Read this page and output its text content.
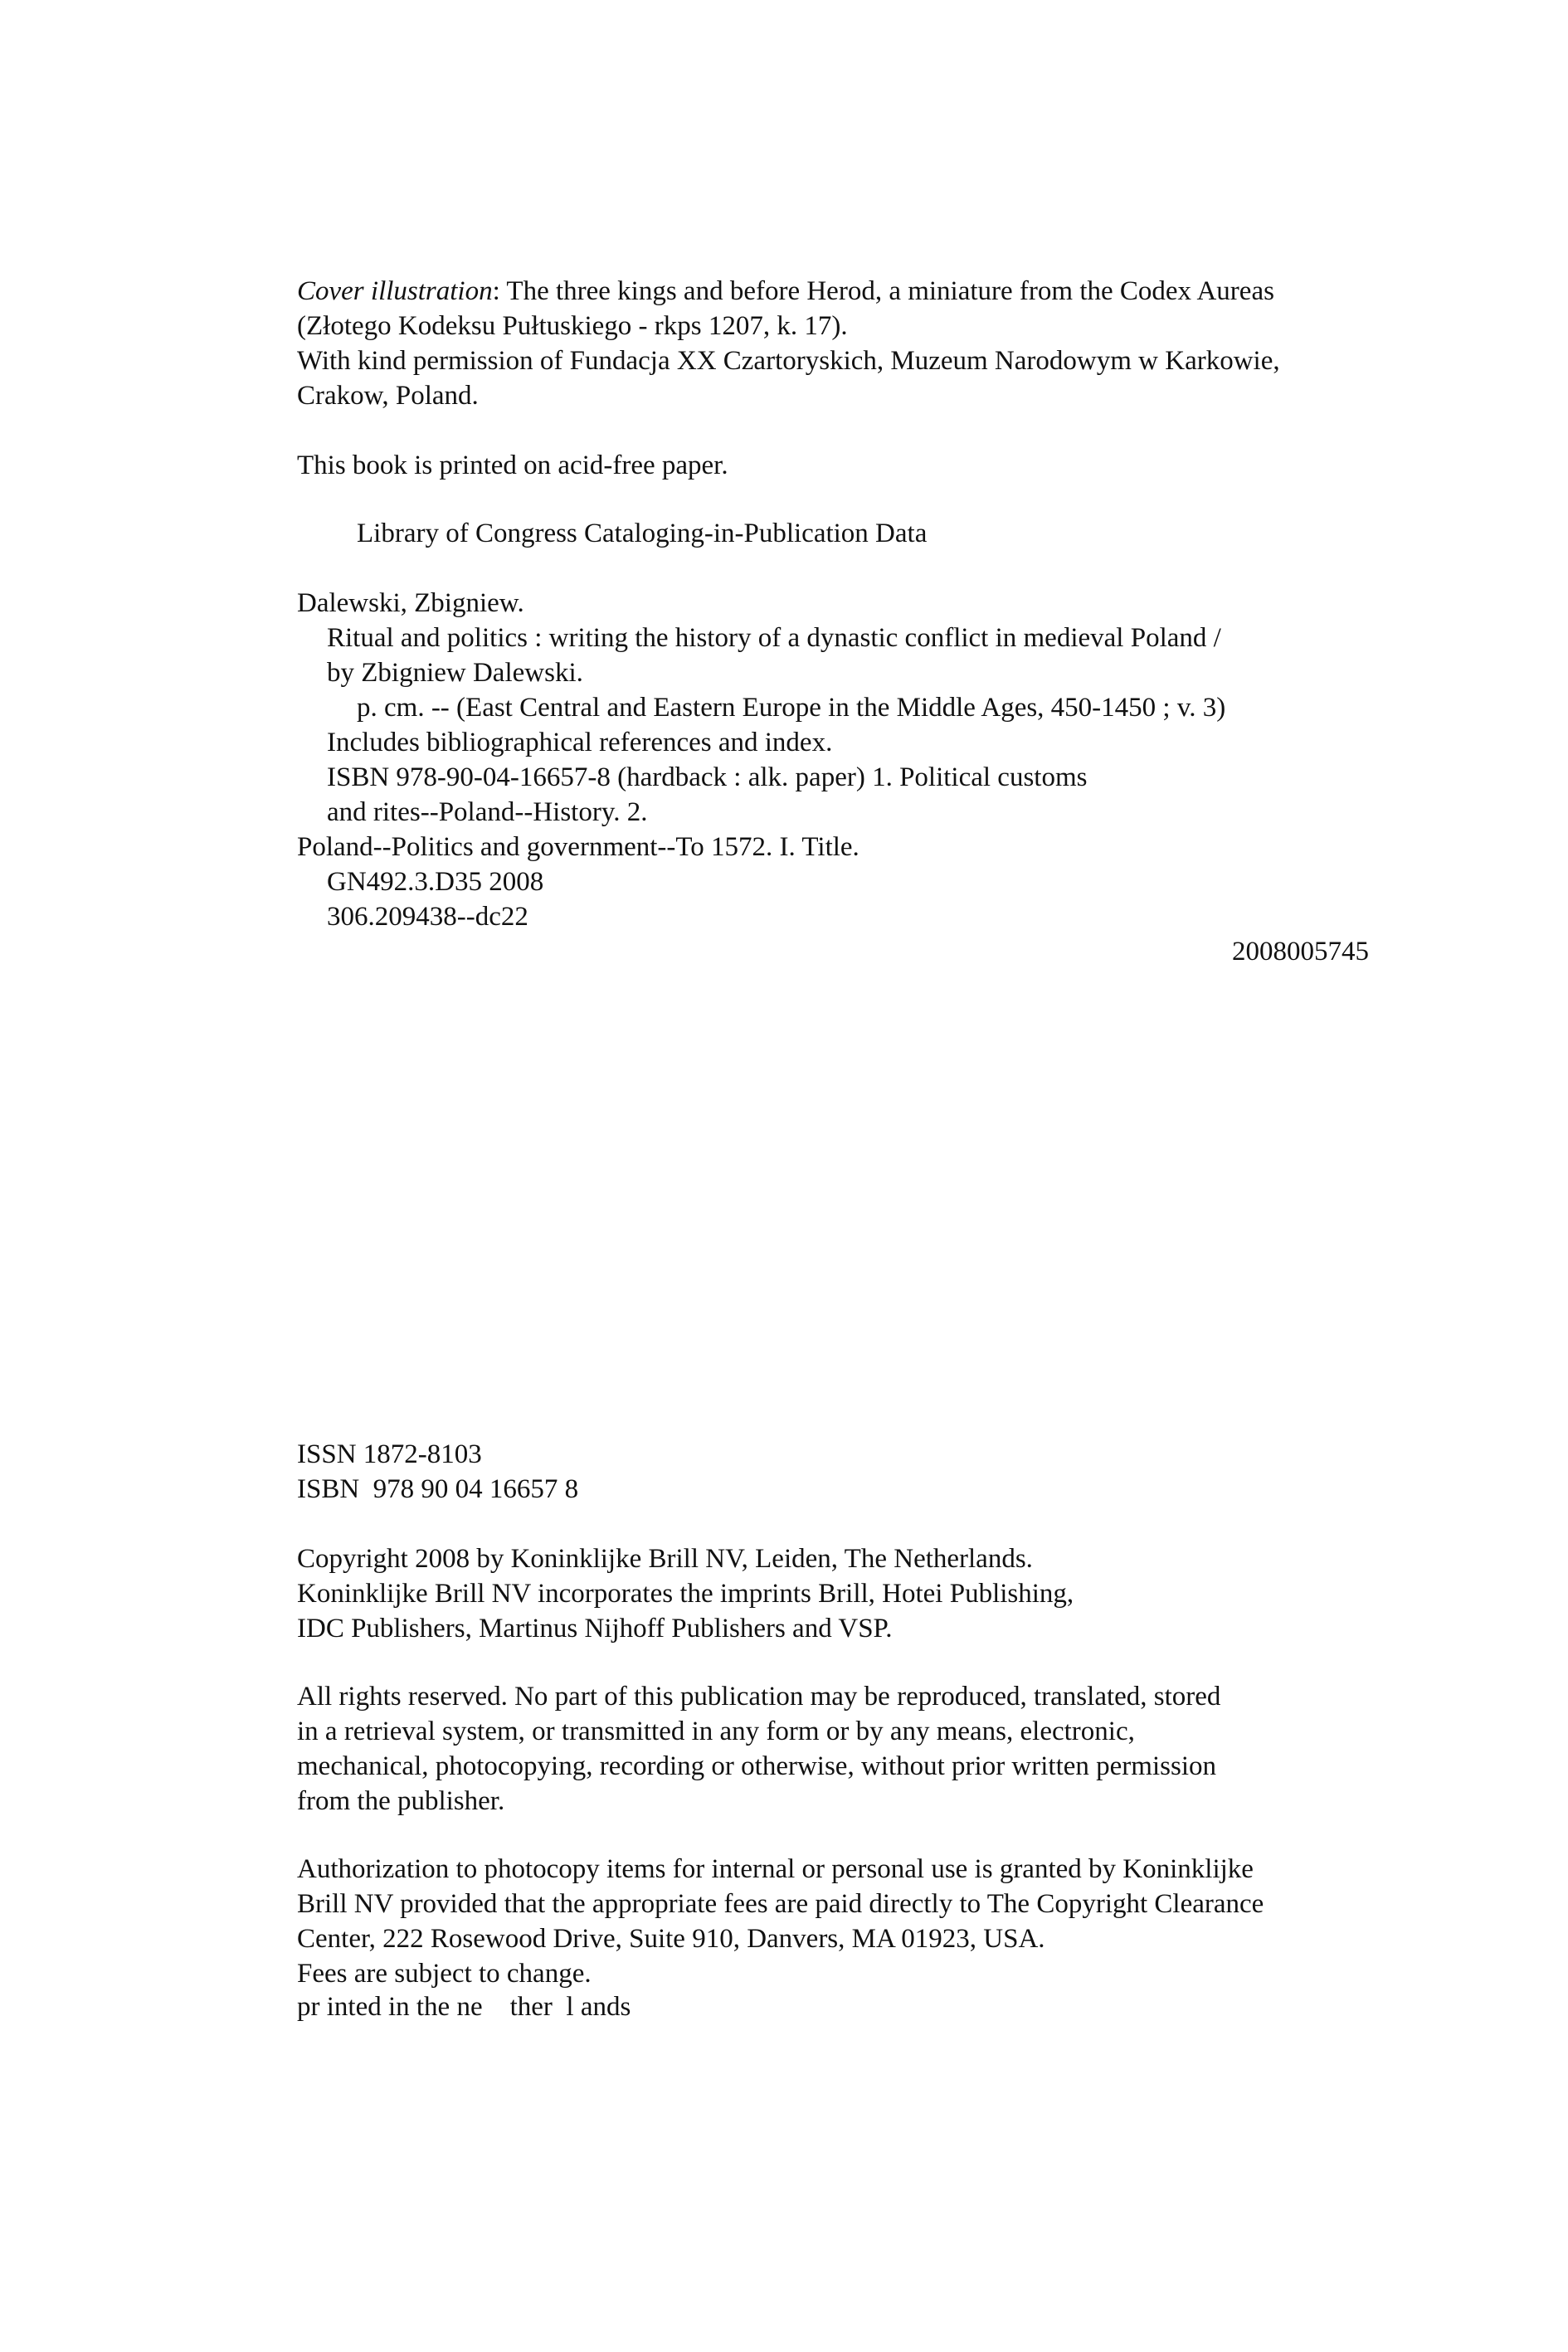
Cover illustration: The three kings and before Herod, a miniature from the Codex Aureas
(Złotego Kodeksu Pułtuskiego - rkps 1207, k. 17).
With kind permission of Fundacja XX Czartoryskich, Muzeum Narodowym w Karkowie,
Crakow, Poland.
This book is printed on acid-free paper.
Library of Congress Cataloging-in-Publication Data
Dalewski, Zbigniew.
Ritual and politics : writing the history of a dynastic conflict in medieval Poland /
by Zbigniew Dalewski.
p. cm. -- (East Central and Eastern Europe in the Middle Ages, 450-1450 ; v. 3)
Includes bibliographical references and index.
ISBN 978-90-04-16657-8 (hardback : alk. paper) 1. Political customs
and rites--Poland--History. 2.
Poland--Politics and government--To 1572. I. Title.
GN492.3.D35 2008
306.209438--dc22
2008005745
ISSN 1872-8103
ISBN  978 90 04 16657 8
Copyright 2008 by Koninklijke Brill NV, Leiden, The Netherlands.
Koninklijke Brill NV incorporates the imprints Brill, Hotei Publishing,
IDC Publishers, Martinus Nijhoff Publishers and VSP.
All rights reserved. No part of this publication may be reproduced, translated, stored
in a retrieval system, or transmitted in any form or by any means, electronic,
mechanical, photocopying, recording or otherwise, without prior written permission
from the publisher.
Authorization to photocopy items for internal or personal use is granted by Koninklijke
Brill NV provided that the appropriate fees are paid directly to The Copyright Clearance
Center, 222 Rosewood Drive, Suite 910, Danvers, MA 01923, USA.
Fees are subject to change.
pr inted in the ne    ther  l ands
